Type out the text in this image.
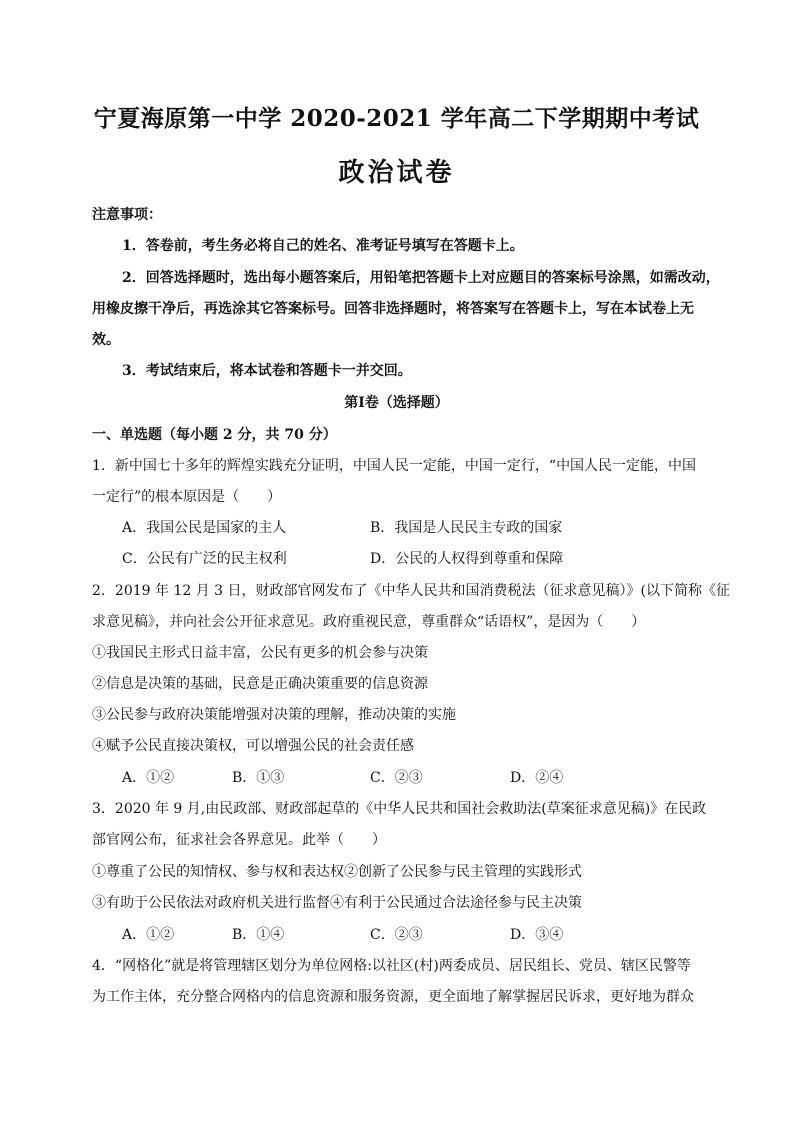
宁夏海原第一中学 2020-2021 学年高二下学期期中考试
政治试卷
注意事项：
1．答卷前，考生务必将自己的姓名、准考证号填写在答题卡上。
2．回答选择题时，选出每小题答案后，用铅笔把答题卡上对应题目的答案标号涂黑，如需改动，
用橡皮擦干净后，再选涂其它答案标号。回答非选择题时，将答案写在答题卡上，写在本试卷上无
效。
3．考试结束后，将本试卷和答题卡一并交回。
第Ⅰ卷（选择题）
一、单选题（每小题 2 分，共 70 分）
1．新中国七十多年的辉煌实践充分证明，中国人民一定能，中国一定行，“中国人民一定能，中国
一定行”的根本原因是（　　）
A．我国公民是国家的主人	B．我国是人民民主专政的国家
C．公民有广泛的民主权利	D．公民的人权得到尊重和保障
2．2019 年 12 月 3 日，财政部官网发布了《中华人民共和国消费税法（征求意见稿）》(以下简称《征
求意见稿》，并向社会公开征求意见。政府重视民意，尊重群众“话语权”，是因为（　　）
①我国民主形式日益丰富，公民有更多的机会参与决策
②信息是决策的基础，民意是正确决策重要的信息资源
③公民参与政府决策能增强对决策的理解，推动决策的实施
④赋予公民直接决策权，可以增强公民的社会责任感
A．①②	B．①③	C．②③	D．②④
3．2020 年 9 月,由民政部、财政部起草的《中华人民共和国社会救助法(草案征求意见稿)》在民政
部官网公布，征求社会各界意见。此举（　　）
①尊重了公民的知情权、参与权和表达权②创新了公民参与民主管理的实践形式
③有助于公民依法对政府机关进行监督④有利于公民通过合法途径参与民主决策
A．①②	B．①④	C．②③	D．③④
4．“网格化”就是将管理辖区划分为单位网格:以社区(村)两委成员、居民组长、党员、辖区民警等
为工作主体，充分整合网格内的信息资源和服务资源，更全面地了解掌握居民诉求，更好地为群众
